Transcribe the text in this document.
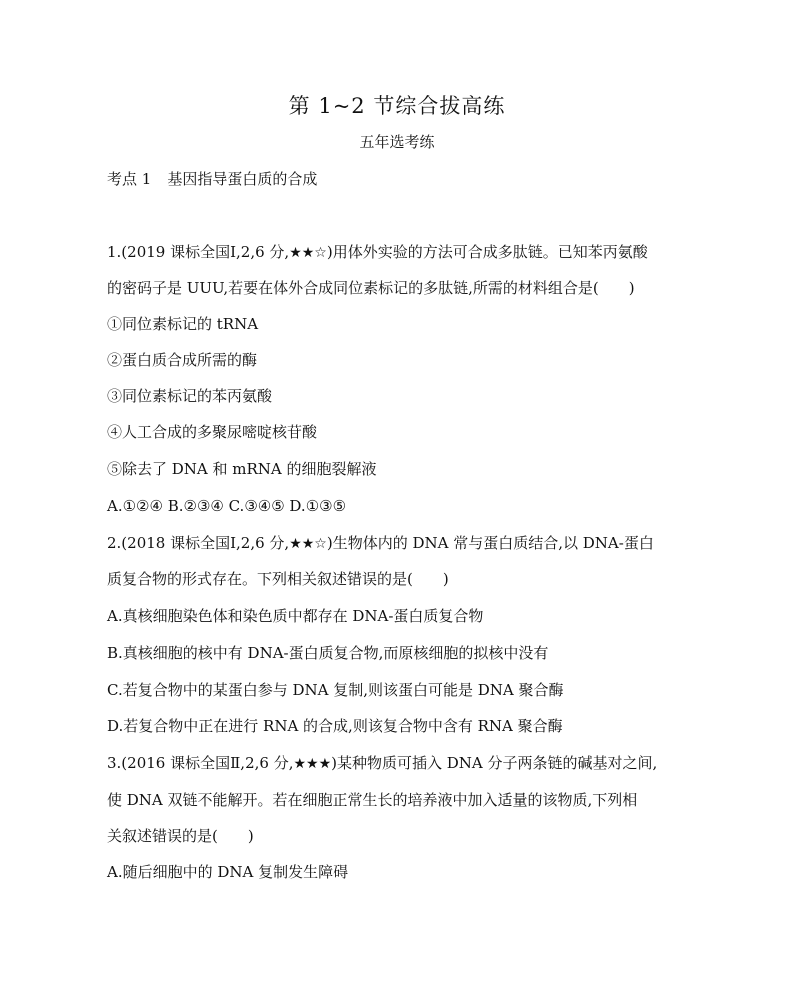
第 1~2 节综合拔高练
五年选考练
考点 1 基因指导蛋白质的合成
1.(2019 课标全国Ⅰ,2,6 分,★★☆)用体外实验的方法可合成多肽链。已知苯丙氨酸
的密码子是 UUU,若要在体外合成同位素标记的多肽链,所需的材料组合是(　　)
①同位素标记的 tRNA
②蛋白质合成所需的酶
③同位素标记的苯丙氨酸
④人工合成的多聚尿嘧啶核苷酸
⑤除去了 DNA 和 mRNA 的细胞裂解液
A.①②④ B.②③④ C.③④⑤ D.①③⑤
2.(2018 课标全国Ⅰ,2,6 分,★★☆)生物体内的 DNA 常与蛋白质结合,以 DNA-蛋白
质复合物的形式存在。下列相关叙述错误的是(　　)
A.真核细胞染色体和染色质中都存在 DNA-蛋白质复合物
B.真核细胞的核中有 DNA-蛋白质复合物,而原核细胞的拟核中没有
C.若复合物中的某蛋白参与 DNA 复制,则该蛋白可能是 DNA 聚合酶
D.若复合物中正在进行 RNA 的合成,则该复合物中含有 RNA 聚合酶
3.(2016 课标全国Ⅱ,2,6 分,★★★)某种物质可插入 DNA 分子两条链的碱基对之间,
使 DNA 双链不能解开。若在细胞正常生长的培养液中加入适量的该物质,下列相
关叙述错误的是(　　)
A.随后细胞中的 DNA 复制发生障碍
